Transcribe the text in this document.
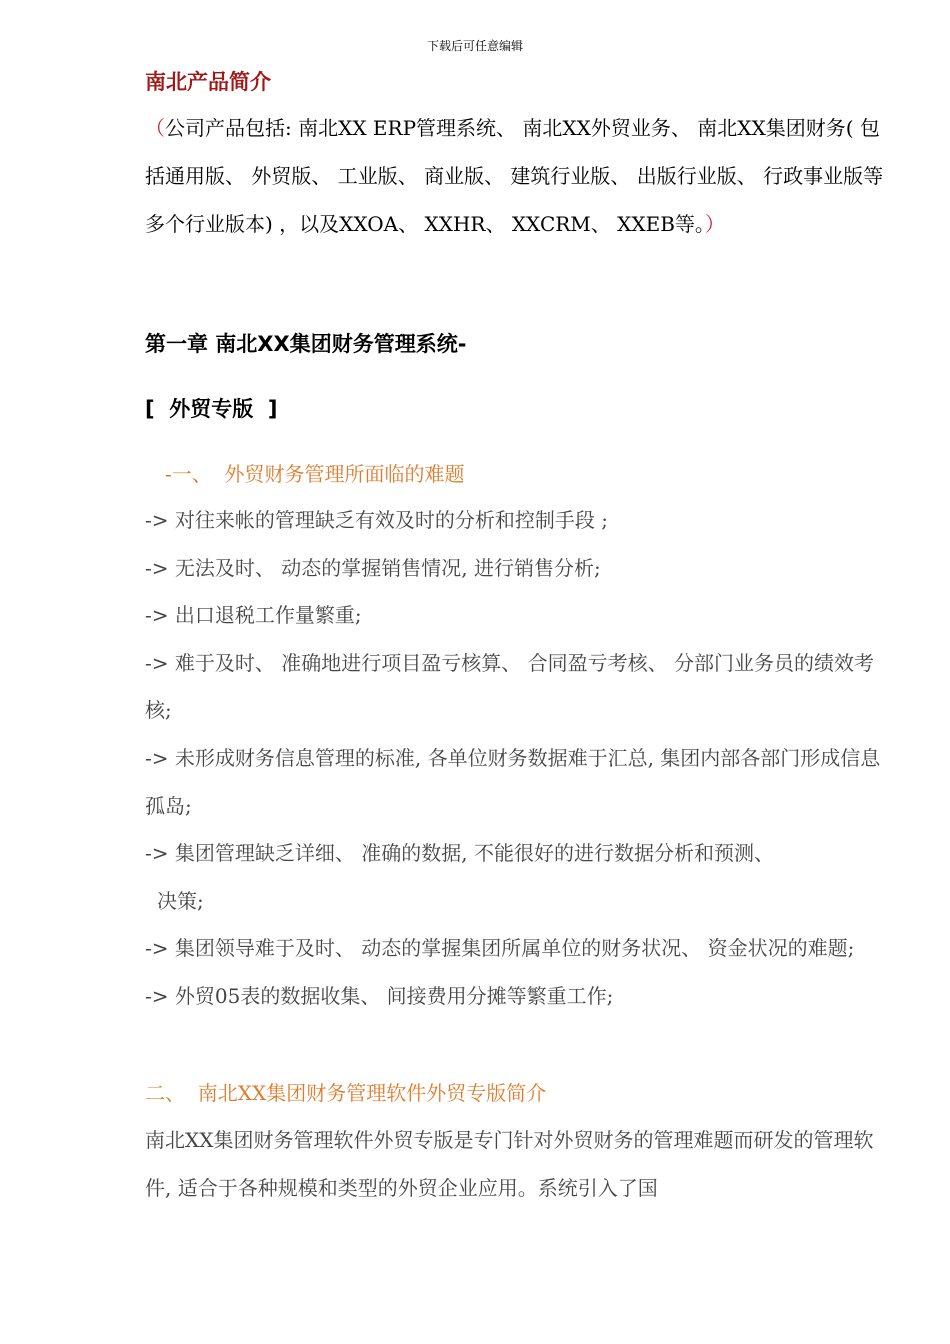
下载后可任意编辑
南北产品简介
（公司产品包括: 南北XX ERP管理系统、 南北XX外贸业务、 南北XX集团财务( 包括通用版、 外贸版、 工业版、 商业版、 建筑行业版、 出版行业版、 行政事业版等多个行业版本) ，以及XXOA、 XXHR、 XXCRM、 XXEB等。）
第一章 南北XX集团财务管理系统-
[  外贸专版  ]
-一、  外贸财务管理所面临的难题

-> 对往来帐的管理缺乏有效及时的分析和控制手段 ;

-> 无法及时、 动态的掌握销售情况, 进行销售分析;

-> 出口退税工作量繁重;

-> 难于及时、 准确地进行项目盈亏核算、 合同盈亏考核、 分部门业务员的绩效考核;

-> 未形成财务信息管理的标准, 各单位财务数据难于汇总, 集团内部各部门形成信息孤岛;

-> 集团管理缺乏详细、 准确的数据, 不能很好的进行数据分析和预测、

决策;

-> 集团领导难于及时、 动态的掌握集团所属单位的财务状况、 资金状况的难题;

-> 外贸05表的数据收集、 间接费用分摊等繁重工作;

二、  南北XX集团财务管理软件外贸专版简介
南北XX集团财务管理软件外贸专版是专门针对外贸财务的管理难题而研发的管理软件, 适合于各种规模和类型的外贸企业应用。系统引入了国
